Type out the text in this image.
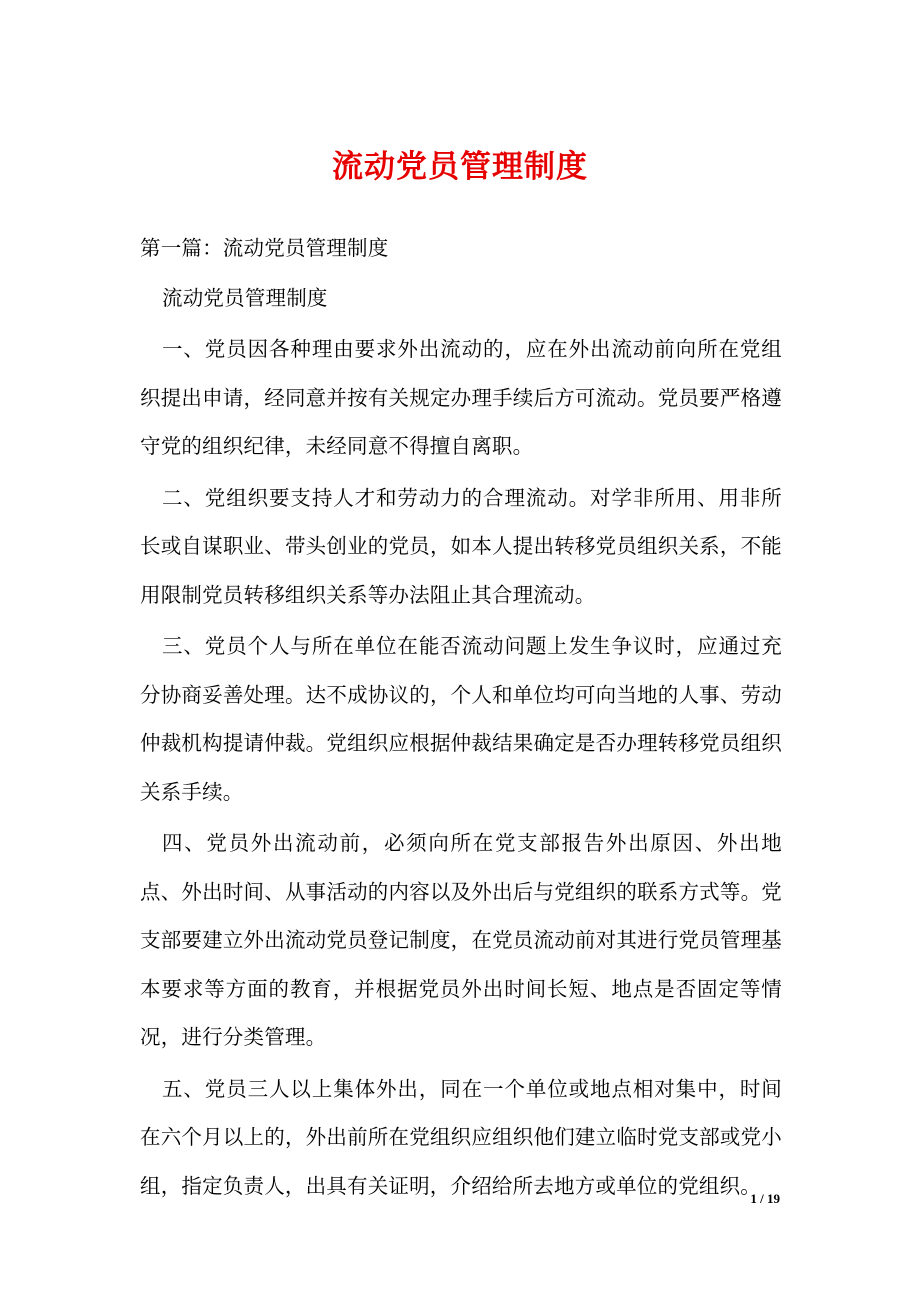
流动党员管理制度

第一篇：流动党员管理制度

流动党员管理制度

一、党员因各种理由要求外出流动的，应在外出流动前向所在党组织提出申请，经同意并按有关规定办理手续后方可流动。党员要严格遵守党的组织纪律，未经同意不得擅自离职。

二、党组织要支持人才和劳动力的合理流动。对学非所用、用非所长或自谋职业、带头创业的党员，如本人提出转移党员组织关系，不能用限制党员转移组织关系等办法阻止其合理流动。

三、党员个人与所在单位在能否流动问题上发生争议时，应通过充分协商妥善处理。达不成协议的，个人和单位均可向当地的人事、劳动仲裁机构提请仲裁。党组织应根据仲裁结果确定是否办理转移党员组织关系手续。

四、党员外出流动前，必须向所在党支部报告外出原因、外出地点、外出时间、从事活动的内容以及外出后与党组织的联系方式等。党支部要建立外出流动党员登记制度，在党员流动前对其进行党员管理基本要求等方面的教育，并根据党员外出时间长短、地点是否固定等情况，进行分类管理。

五、党员三人以上集体外出，同在一个单位或地点相对集中，时间在六个月以上的，外出前所在党组织应组织他们建立临时党支部或党小组，指定负责人，出具有关证明，介绍给所去地方或单位的党组织。

1 / 19
